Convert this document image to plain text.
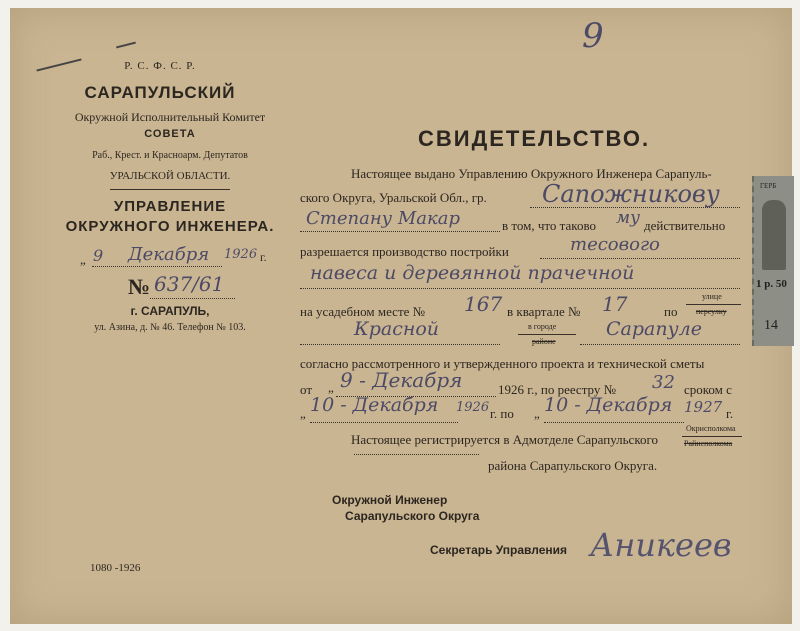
9
Р. С. Ф. С. Р.
САРАПУЛЬСКИЙ
Окружной Исполнительный Комитет
СОВЕТА
Раб., Крест. и Красноарм. Депутатов
УРАЛЬСКОЙ ОБЛАСТИ.
УПРАВЛЕНИЕ
ОКРУЖНОГО ИНЖЕНЕРА.
„ 9 Декабря 1926 г.
№ 637/61
г. САРАПУЛЬ,
ул. Азина, д. № 46. Телефон № 103.
1080 -1926
СВИДЕТЕЛЬСТВО.
Настоящее выдано Управлению Окружного Инженера Сарапуль-
ского Округа, Уральской Обл., гр. Сапожникову
Степану Макар	в том, что таково му действительно
разрешается производство постройки	тесового
навеса и деревянной прачечной
на усадебном месте № 167 в квартале № 17	по
улице
переулку
Красной	в городе
районе
Сарапуле
согласно рассмотренного и утвержденного проекта и технической сметы
от „ 9 - Декабря	1926 г., по реестру № 32 сроком с
„ 10 - Декабря 1926 г. по „ 10 - Декабря 1927 г.
Настоящее регистрируется в Адмотделе Сарапульского
Окрисполкома
Райисполкома
района Сарапульского Округа.
Окружной Инженер
Сарапульского Округа
Секретарь Управления Аникеев
ГЕРБ
1 р. 50
14
